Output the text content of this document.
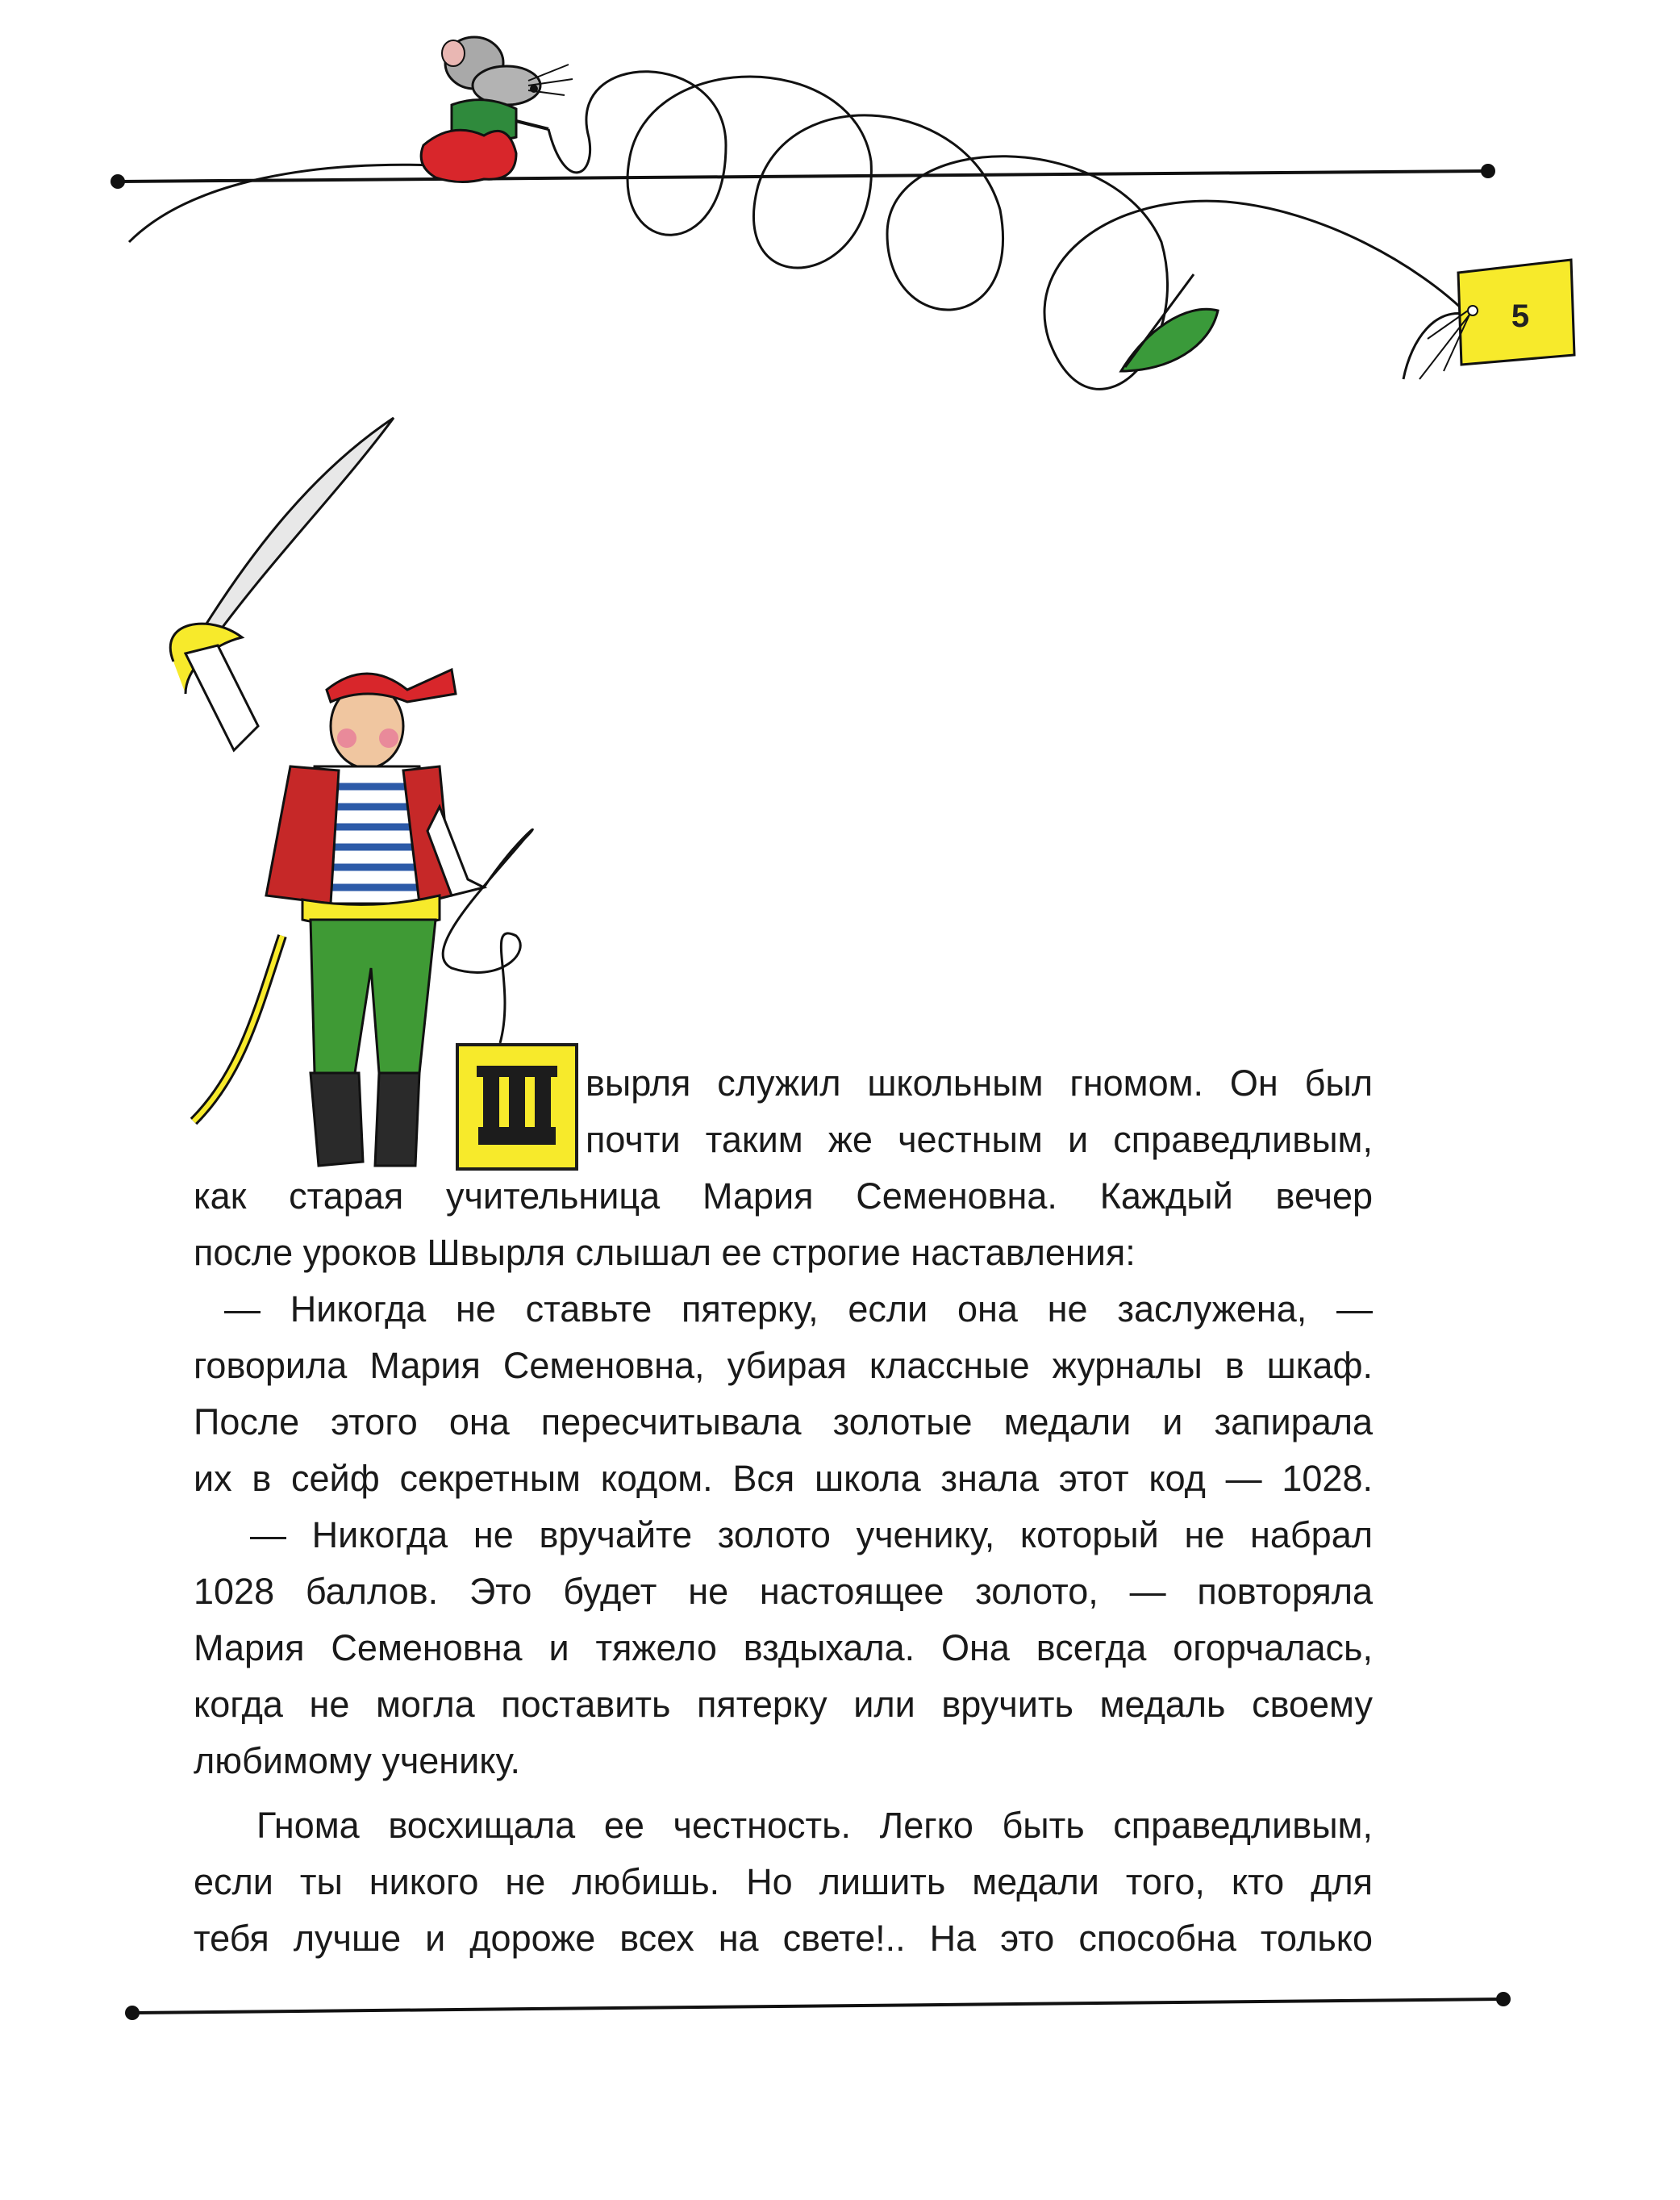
5
вырля служил школьным гномом. Он был
почти таким же честным и справедливым,
как старая учительница Мария Семеновна. Каждый вечер
после уроков Швырля слышал ее строгие наставления:
— Никогда не ставьте пятерку, если она не заслужена, —
говорила Мария Семеновна, убирая классные журналы в шкаф.
После этого она пересчитывала золотые медали и запирала
их в сейф секретным кодом. Вся школа знала этот код — 1028.
— Никогда не вручайте золото ученику, который не набрал
1028 баллов. Это будет не настоящее золото, — повторяла
Мария Семеновна и тяжело вздыхала. Она всегда огорчалась,
когда не могла поставить пятерку или вручить медаль своему
любимому ученику.
Гнома восхищала ее честность. Легко быть справедливым,
если ты никого не любишь. Но лишить медали того, кто для
тебя лучше и дороже всех на свете!.. На это способна только
